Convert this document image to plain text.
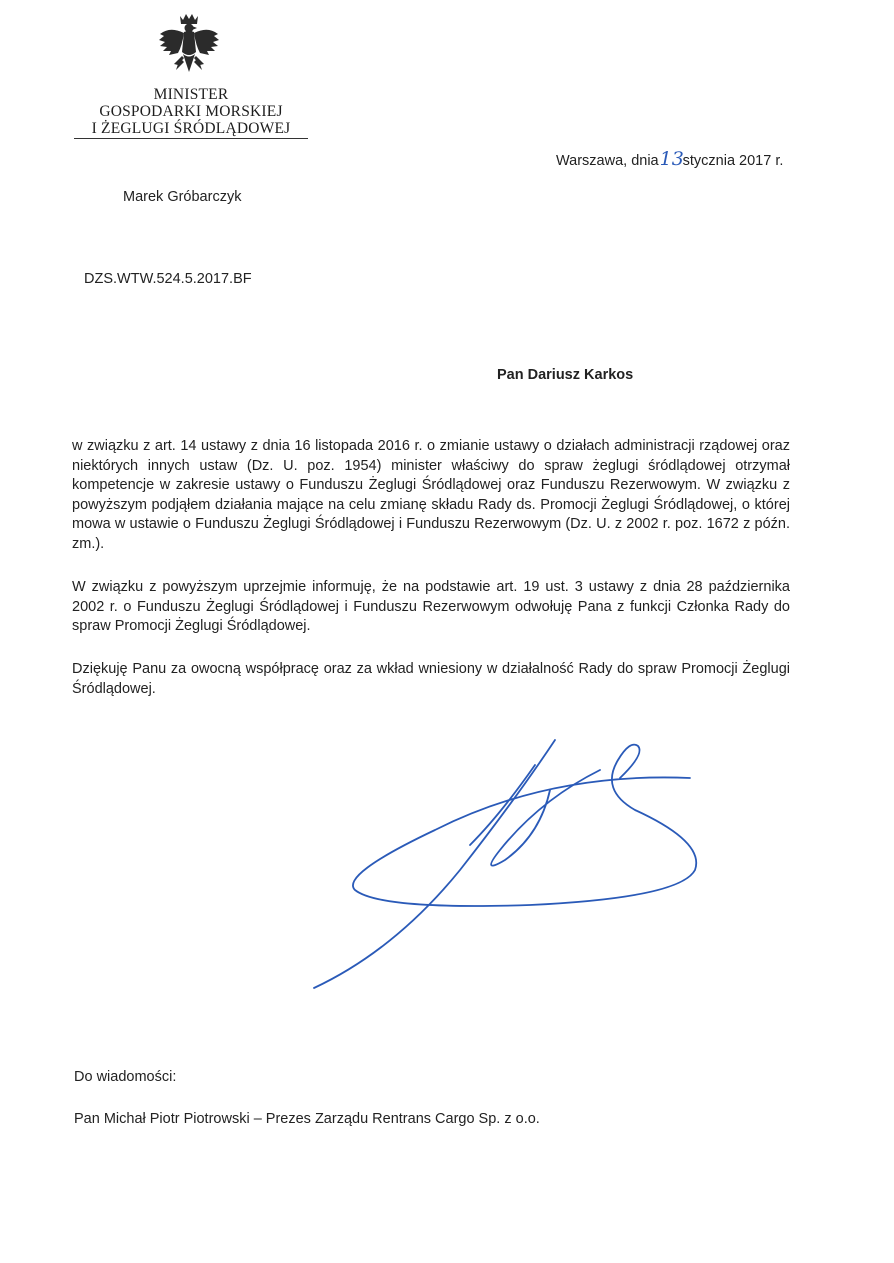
MINISTER
GOSPODARKI MORSKIEJ
I ŻEGLUGI ŚRÓDLĄDOWEJ
Warszawa, dnia13stycznia 2017 r.
Marek Gróbarczyk
DZS.WTW.524.5.2017.BF
Pan Dariusz Karkos
w związku z art. 14 ustawy z dnia 16 listopada 2016 r. o zmianie ustawy o działach administracji rządowej oraz niektórych innych ustaw (Dz. U. poz. 1954) minister właściwy do spraw żeglugi śródlądowej otrzymał kompetencje w zakresie ustawy o Funduszu Żeglugi Śródlądowej oraz Funduszu Rezerwowym. W związku z powyższym podjąłem działania mające na celu zmianę składu Rady ds. Promocji Żeglugi Śródlądowej, o której mowa w ustawie o Funduszu Żeglugi Śródlądowej i Funduszu Rezerwowym (Dz. U. z 2002 r. poz. 1672 z późn. zm.).
W związku z powyższym uprzejmie informuję, że na podstawie art. 19 ust. 3 ustawy z dnia 28 października 2002 r. o Funduszu Żeglugi Śródlądowej i Funduszu Rezerwowym odwołuję Pana z funkcji Członka Rady do spraw Promocji Żeglugi Śródlądowej.
Dziękuję Panu za owocną współpracę oraz za wkład wniesiony w działalność Rady do spraw Promocji Żeglugi Śródlądowej.
Do wiadomości:
Pan Michał Piotr Piotrowski – Prezes Zarządu Rentrans Cargo Sp. z o.o.
